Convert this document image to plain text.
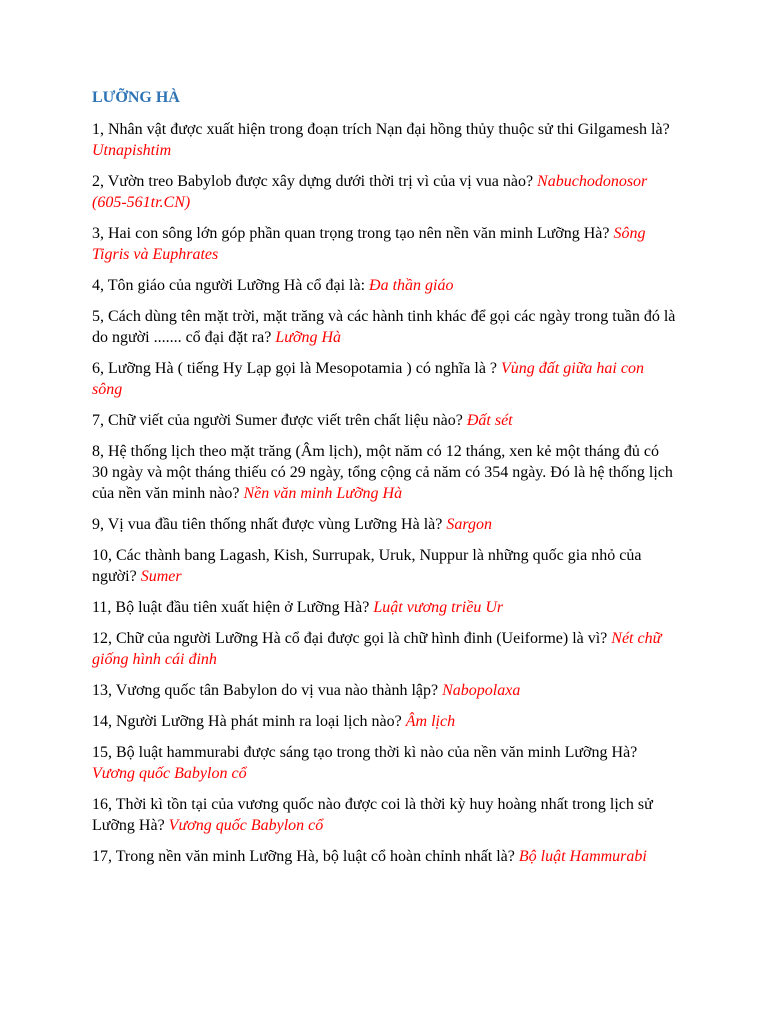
LƯỠNG HÀ
1, Nhân vật được xuất hiện trong đoạn trích Nạn đại hồng thủy thuộc sử thi Gilgamesh là? Utnapishtim
2, Vườn treo Babylob được xây dựng dưới thời trị vì của vị vua nào? Nabuchodonosor (605-561tr.CN)
3, Hai con sông lớn góp phần quan trọng trong tạo nên nền văn minh Lưỡng Hà? Sông Tigris và Euphrates
4, Tôn giáo của người Lưỡng Hà cổ đại là: Đa thần giáo
5, Cách dùng tên mặt trời, mặt trăng và các hành tinh khác để gọi các ngày trong tuần đó là do người ....... cổ đại đặt ra? Lưỡng Hà
6, Lưỡng Hà ( tiếng Hy Lạp gọi là Mesopotamia ) có nghĩa là ? Vùng đất giữa hai con sông
7, Chữ viết của người Sumer được viết trên chất liệu nào? Đất sét
8, Hệ thống lịch theo mặt trăng (Âm lịch), một năm có 12 tháng, xen kẻ một tháng đủ có 30 ngày và một tháng thiếu có 29 ngày, tổng cộng cả năm có 354 ngày. Đó là hệ thống lịch của nền văn minh nào? Nền văn minh Lưỡng Hà
9, Vị vua đầu tiên thống nhất được vùng Lưỡng Hà là? Sargon
10, Các thành bang Lagash, Kish, Surrupak, Uruk, Nuppur là những quốc gia nhỏ của người? Sumer
11, Bộ luật đầu tiên xuất hiện ở Lưỡng Hà? Luật vương triều Ur
12, Chữ của người Lưỡng Hà cổ đại được gọi là chữ hình đinh (Ueiforme) là vì? Nét chữ giống hình cái đinh
13, Vương quốc tân Babylon do vị vua nào thành lập? Nabopolaxa
14, Người Lưỡng Hà phát minh ra loại lịch nào? Âm lịch
15, Bộ luật hammurabi được sáng tạo trong thời kì nào của nền văn minh Lưỡng Hà? Vương quốc Babylon cổ
16, Thời kì tồn tại của vương quốc nào được coi là thời kỳ huy hoàng nhất trong lịch sử Lưỡng Hà? Vương quốc Babylon cổ
17, Trong nền văn minh Lưỡng Hà, bộ luật cổ hoàn chỉnh nhất là? Bộ luật Hammurabi
